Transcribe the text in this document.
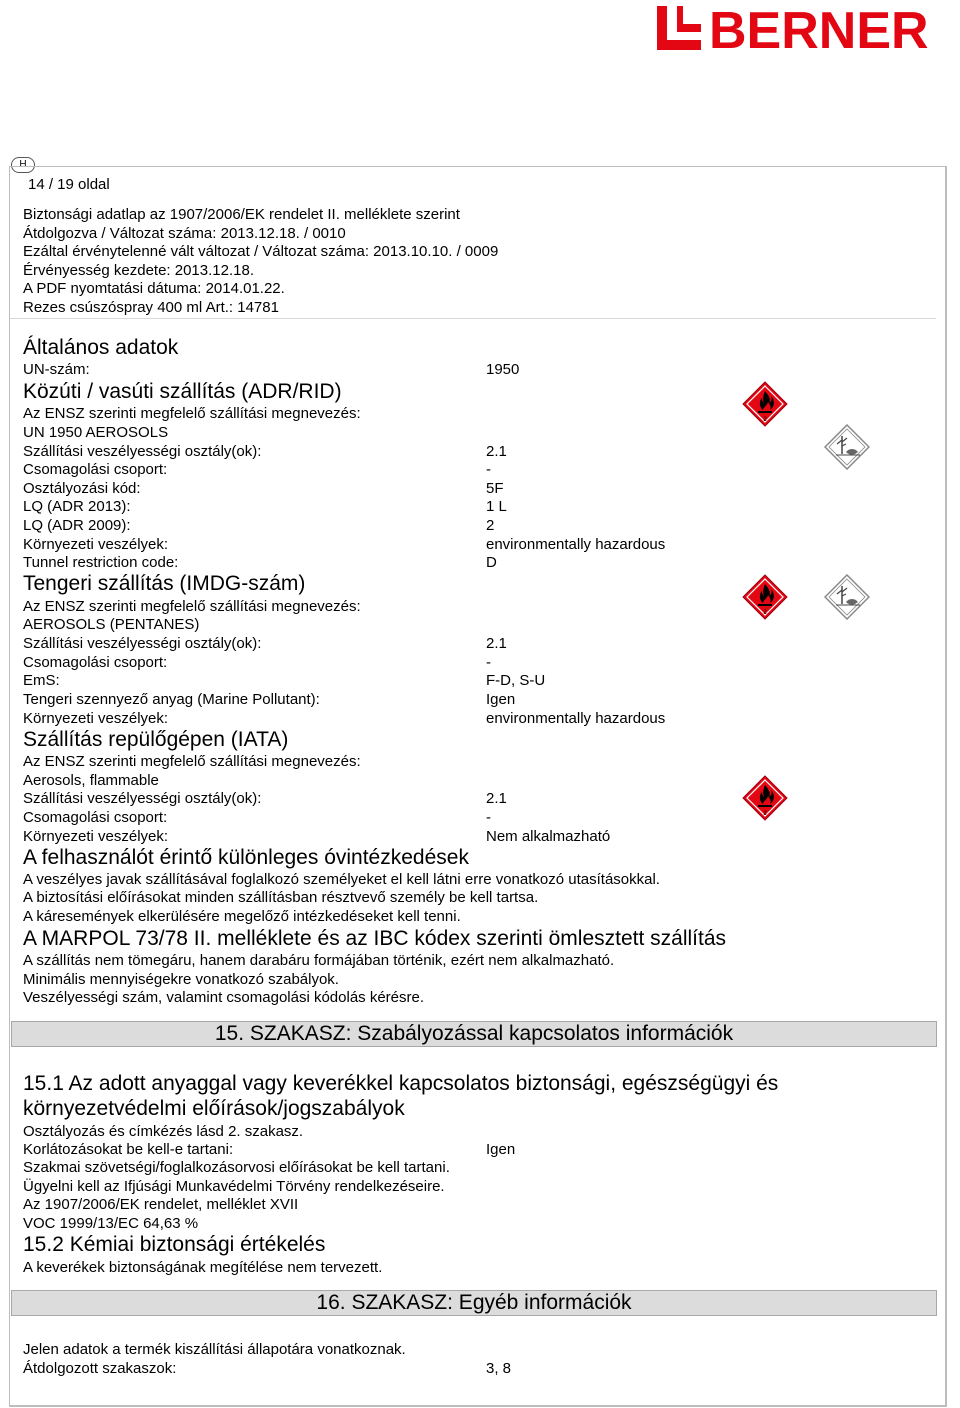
BERNER
H
14 / 19 oldal
Biztonsági adatlap az 1907/2006/EK rendelet II. melléklete szerint
Átdolgozva / Változat száma: 2013.12.18. / 0010
Ezáltal érvénytelenné vált változat / Változat száma: 2013.10.10. / 0009
Érvényesség kezdete: 2013.12.18.
A PDF nyomtatási dátuma: 2014.01.22.
Rezes csúszóspray 400 ml Art.: 14781
Általános adatok
UN-szám:	1950
Közúti / vasúti szállítás (ADR/RID)
Az ENSZ szerinti megfelelő szállítási megnevezés:
UN 1950 AEROSOLS
Szállítási veszélyességi osztály(ok):	2.1
Csomagolási csoport:	-
Osztályozási kód:	5F
LQ (ADR 2013):	1 L
LQ (ADR 2009):	2
Környezeti veszélyek:	environmentally hazardous
Tunnel restriction code:	D
Tengeri szállítás (IMDG-szám)
Az ENSZ szerinti megfelelő szállítási megnevezés:
AEROSOLS (PENTANES)
Szállítási veszélyességi osztály(ok):	2.1
Csomagolási csoport:	-
EmS:	F-D, S-U
Tengeri szennyező anyag (Marine Pollutant):	Igen
Környezeti veszélyek:	environmentally hazardous
Szállítás repülőgépen (IATA)
Az ENSZ szerinti megfelelő szállítási megnevezés:
Aerosols, flammable
Szállítási veszélyességi osztály(ok):	2.1
Csomagolási csoport:	-
Környezeti veszélyek:	Nem alkalmazható
A felhasználót érintő különleges óvintézkedések
A veszélyes javak szállításával foglalkozó személyeket el kell látni erre vonatkozó utasításokkal.
A biztosítási előírásokat minden szállításban résztvevő személy be kell tartsa.
A káresemények elkerülésére megelőző intézkedéseket kell tenni.
A MARPOL 73/78 II. melléklete és az IBC kódex szerinti ömlesztett szállítás
A szállítás nem tömegáru, hanem darabáru formájában történik, ezért nem alkalmazható.
Minimális mennyiségekre vonatkozó szabályok.
Veszélyességi szám, valamint csomagolási kódolás kérésre.
15. SZAKASZ: Szabályozással kapcsolatos információk
15.1 Az adott anyaggal vagy keverékkel kapcsolatos biztonsági, egészségügyi és
környezetvédelmi előírások/jogszabályok
Osztályozás és címkézés lásd 2. szakasz.
Korlátozásokat be kell-e tartani:	Igen
Szakmai szövetségi/foglalkozásorvosi előírásokat be kell tartani.
Ügyelni kell az Ifjúsági Munkavédelmi Törvény rendelkezéseire.
Az 1907/2006/EK rendelet, melléklet XVII
VOC 1999/13/EC 64,63 %
15.2 Kémiai biztonsági értékelés
A keverékek biztonságának megítélése nem tervezett.
16. SZAKASZ: Egyéb információk
Jelen adatok a termék kiszállítási állapotára vonatkoznak.
Átdolgozott szakaszok:	3, 8
2
2
2
